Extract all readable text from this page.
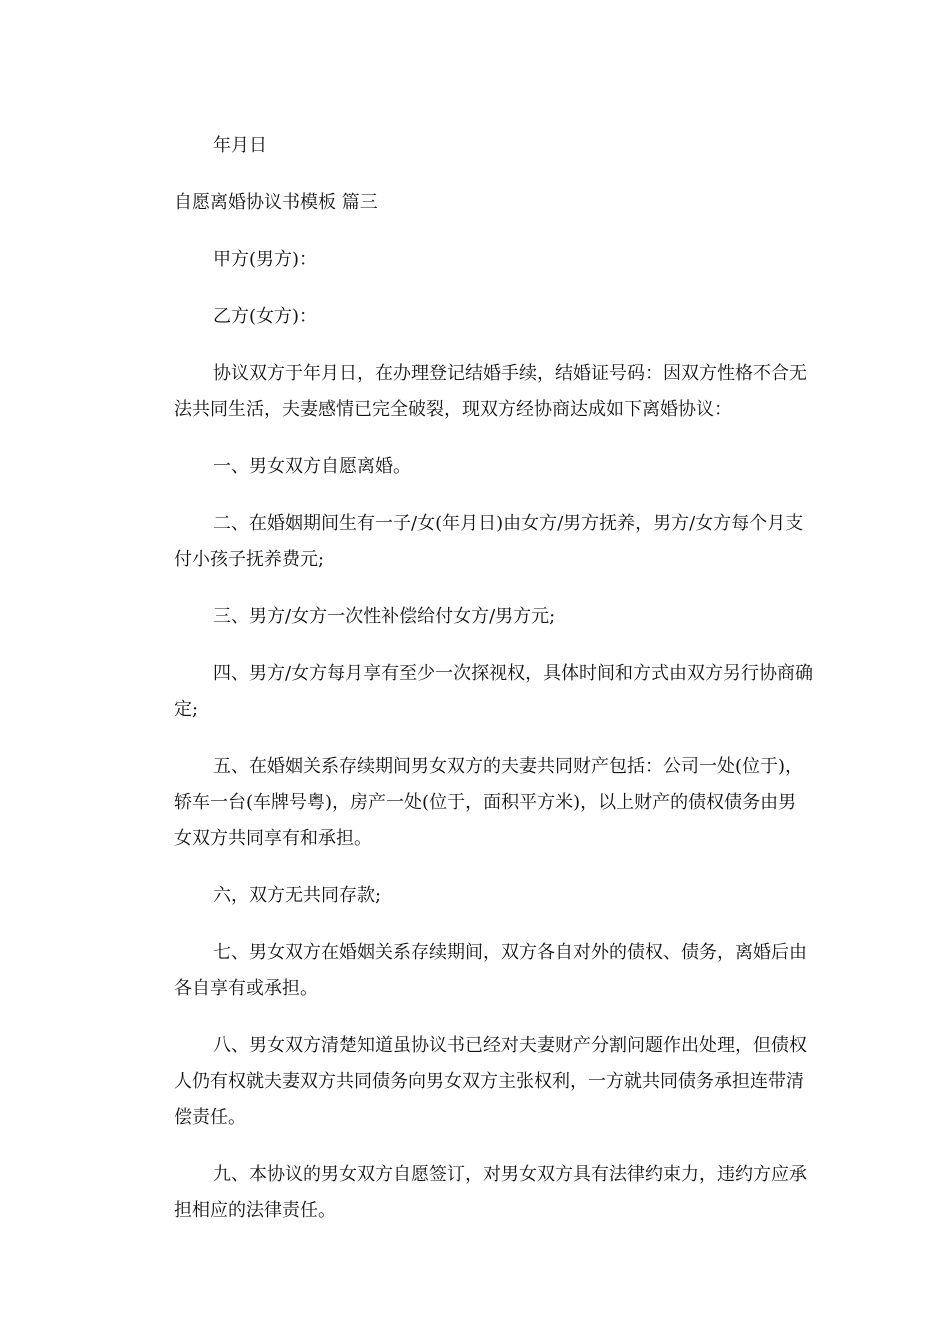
年月日

自愿离婚协议书模板 篇三

甲方(男方)：

乙方(女方)：

协议双方于年月日，在办理登记结婚手续，结婚证号码：因双方性格不合无法共同生活，夫妻感情已完全破裂，现双方经协商达成如下离婚协议：

一、男女双方自愿离婚。

二、在婚姻期间生有一子/女(年月日)由女方/男方抚养，男方/女方每个月支付小孩子抚养费元;

三、男方/女方一次性补偿给付女方/男方元;

四、男方/女方每月享有至少一次探视权，具体时间和方式由双方另行协商确定;

五、在婚姻关系存续期间男女双方的夫妻共同财产包括：公司一处(位于)，轿车一台(车牌号粤)，房产一处(位于，面积平方米)，以上财产的债权债务由男女双方共同享有和承担。

六，双方无共同存款;

七、男女双方在婚姻关系存续期间，双方各自对外的债权、债务，离婚后由各自享有或承担。

八、男女双方清楚知道虽协议书已经对夫妻财产分割问题作出处理，但债权人仍有权就夫妻双方共同债务向男女双方主张权利，一方就共同债务承担连带清偿责任。

九、本协议的男女双方自愿签订，对男女双方具有法律约束力，违约方应承担相应的法律责任。
